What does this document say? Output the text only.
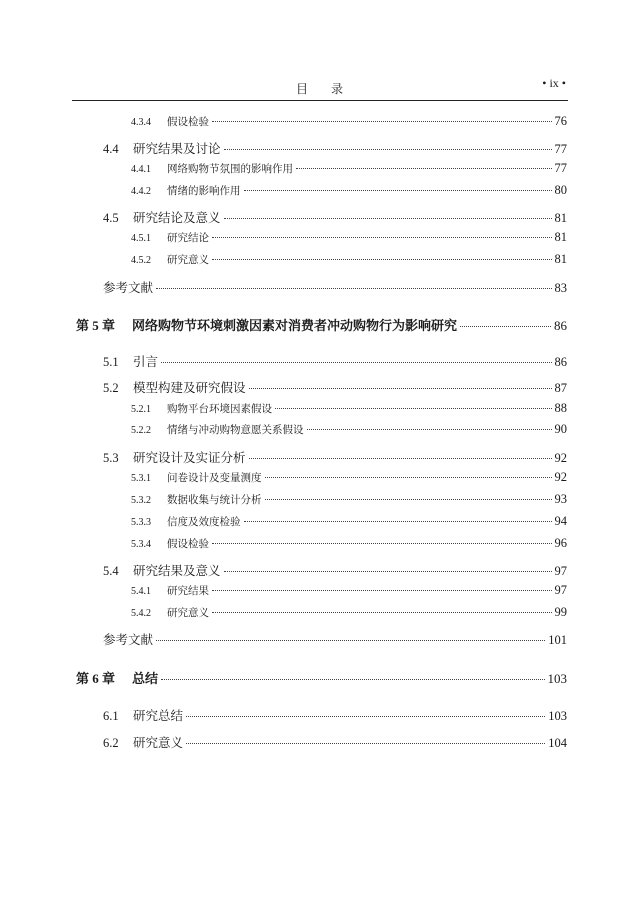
目 录	• ix •
4.3.4	假设检验	76
4.4	研究结果及讨论	77
4.4.1	网络购物节氛围的影响作用	77
4.4.2	情绪的影响作用	80
4.5	研究结论及意义	81
4.5.1	研究结论	81
4.5.2	研究意义	81
参考文献	83
第 5 章	网络购物节环境刺激因素对消费者冲动购物行为影响研究	86
5.1	引言	86
5.2	模型构建及研究假设	87
5.2.1	购物平台环境因素假设	88
5.2.2	情绪与冲动购物意愿关系假设	90
5.3	研究设计及实证分析	92
5.3.1	问卷设计及变量测度	92
5.3.2	数据收集与统计分析	93
5.3.3	信度及效度检验	94
5.3.4	假设检验	96
5.4	研究结果及意义	97
5.4.1	研究结果	97
5.4.2	研究意义	99
参考文献	101
第 6 章	总结	103
6.1	研究总结	103
6.2	研究意义	104
